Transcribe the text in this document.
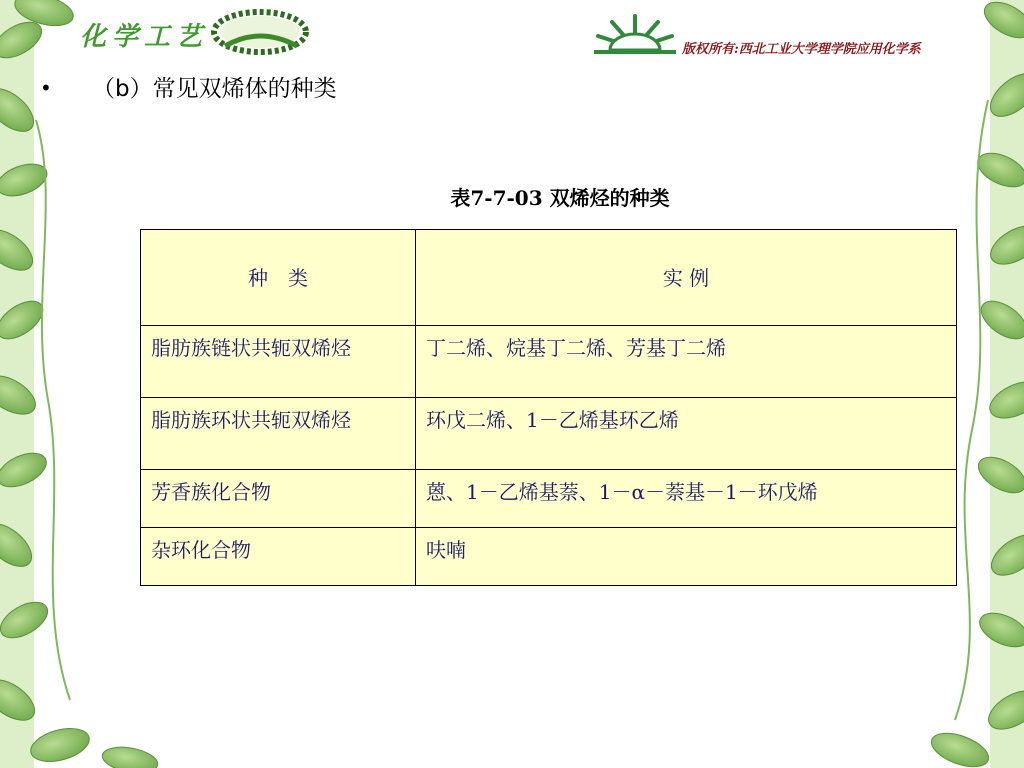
化学工艺	版权所有:西北工业大学理学院应用化学系
• （b）常见双烯体的种类
表7-7-03 双烯烃的种类
种　类	实 例
脂肪族链状共轭双烯烃	丁二烯、烷基丁二烯、芳基丁二烯
脂肪族环状共轭双烯烃	环戊二烯、1－乙烯基环乙烯
芳香族化合物	蒽、1－乙烯基萘、1－α－萘基－1－环戊烯
杂环化合物	呋喃
